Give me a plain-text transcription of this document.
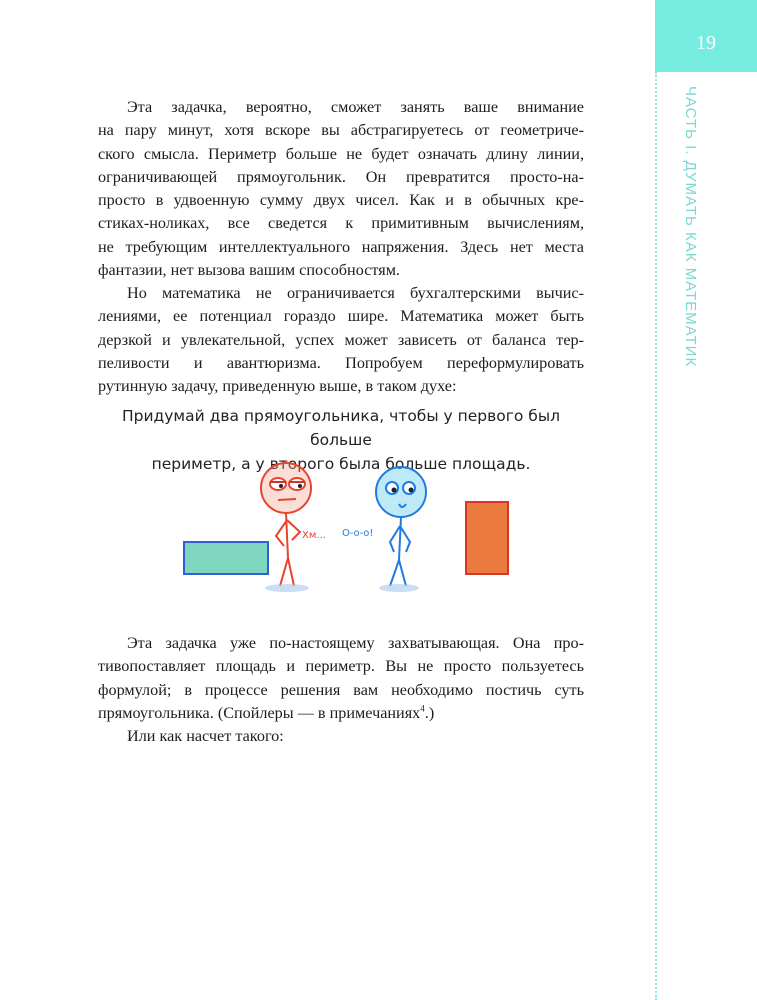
19
ЧАСТЬ I. ДУМАТЬ КАК МАТЕМАТИК
Эта задачка, вероятно, сможет занять ваше внимание
на пару минут, хотя вскоре вы абстрагируетесь от геометриче-
ского смысла. Периметр больше не будет означать длину линии,
ограничивающей прямоугольник. Он превратится просто-на-
просто в удвоенную сумму двух чисел. Как и в обычных кре-
стиках-ноликах, все сведется к примитивным вычислениям,
не требующим интеллектуального напряжения. Здесь нет места
фантазии, нет вызова вашим способностям.
Но математика не ограничивается бухгалтерскими вычис-
лениями, ее потенциал гораздо шире. Математика может быть
дерзкой и увлекательной, успех может зависеть от баланса тер-
пеливости и авантюризма. Попробуем переформулировать
рутинную задачу, приведенную выше, в таком духе:
Придумай два прямоугольника, чтобы у первого был больше
периметр, а у второго была больше площадь.
Хм... О-о-о!
Эта задачка уже по-настоящему захватывающая. Она про-
тивопоставляет площадь и периметр. Вы не просто пользуетесь
формулой; в процессе решения вам необходимо постичь суть
прямоугольника. (Спойлеры — в примечаниях$^4$.)
Или как насчет такого:
